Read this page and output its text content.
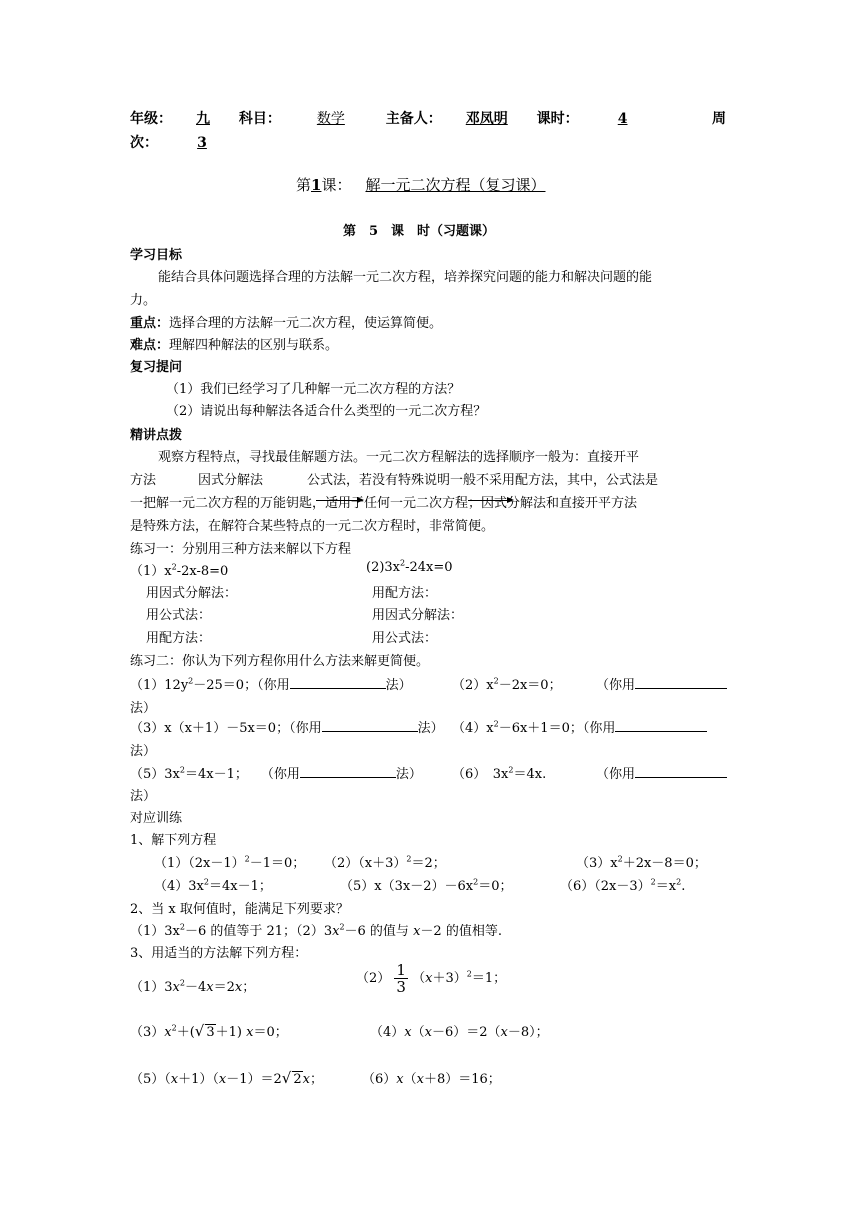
年级： 九 科目：	数学	主备人： 邓凤明 课时：	4	周
次：	3
第1课： 解一元二次方程（复习课）
第　5　课　时（习题课）
学习目标
能结合具体问题选择合理的方法解一元二次方程，培养探究问题的能力和解决问题的能
力。
重点：选择合理的方法解一元二次方程，使运算简便。
难点：理解四种解法的区别与联系。
复习提问
（1）我们已经学习了几种解一元二次方程的方法？
（2）请说出每种解法各适合什么类型的一元二次方程？
精讲点拨
观察方程特点，寻找最佳解题方法。一元二次方程解法的选择顺序一般为：直接开平
方法	因式分解法	公式法，若没有特殊说明一般不采用配方法，其中，公式法是
一把解一元二次方程的万能钥匙，适用于任何一元二次方程；因式分解法和直接开平方法
是特殊方法，在解符合某些特点的一元二次方程时，非常简便。
练习一：分别用三种方法来解以下方程
$(1)x^2-2x-8=0$	$(2)3x^2-24x=0$
用因式分解法：	用配方法：
用公式法：	用因式分解法：
用配方法：	用公式法：
练习二：你认为下列方程你用什么方法来解更简便。
$(1)12y^2-25=0$；（你用	法）	$(2)x^2-2x=0$；	（你用
法）
（3）x（x＋1）－5x＝0；（你用	法） $(4)x^2-6x+1=0$；（你用
法）
$(5)3x^2=4x-1$；　　（你用	法）	（6）　$3x^2=4x$.	（你用
法）
对应训练
1、解下列方程
$(1)(2x-1)^2-1=0$；	$(2)(x+3)^2=2$；	$(3)x^2+2x-8=0$；
$(4)3x^2=4x-1$；	$(5)x(3x-2)-6x^2=0$；	$(6)(2x-3)^2=x^2$.
2、当 x 取何值时，能满足下列要求？
$(1)3x^2-6$ 的值等于 21；$(2)3x^2-6$ 的值与 x－2 的值相等.
3、用适当的方法解下列方程：
$(1)3x^2-4x=2x$；
$(2) \frac{1}{3} (x+3)^2=1$；
$(3)x^2+(√$ 3＋1) x＝0；	（4）x（x－6）＝2（x－8）；
（5）（x＋1）（x－1）＝2√ 2x；	（6）x（x＋8）＝16；
